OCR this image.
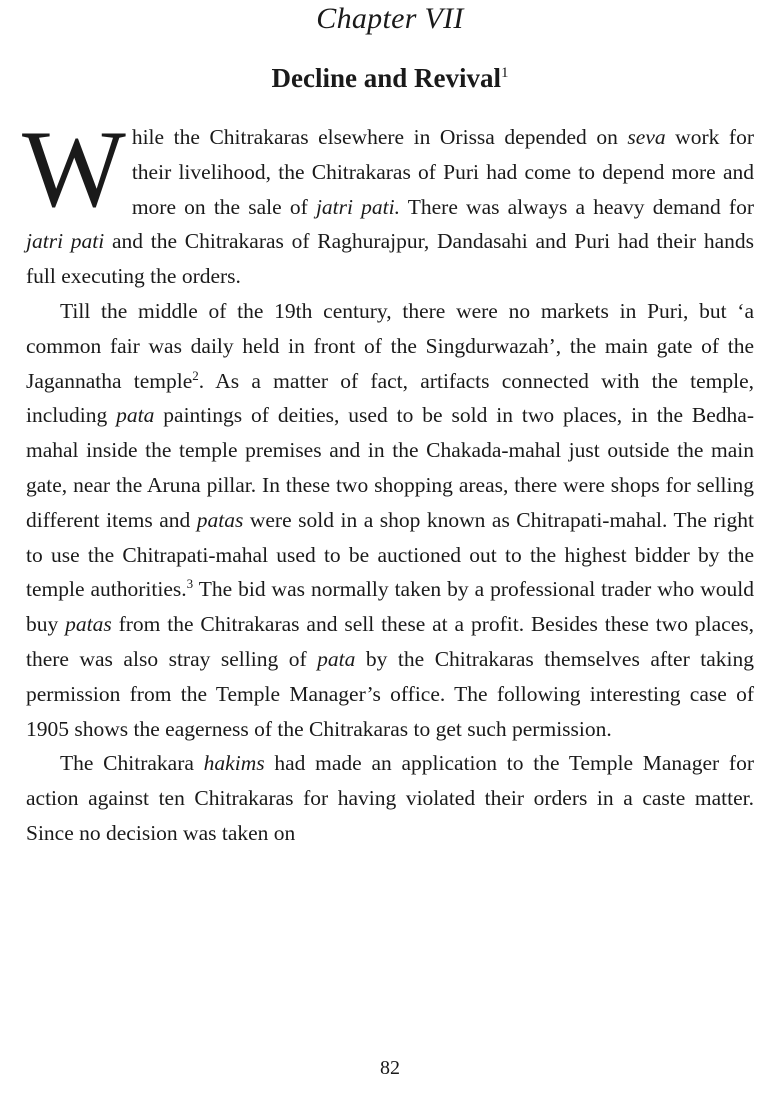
Chapter VII
Decline and Revival$^1$

While the Chitrakaras elsewhere in Orissa depended on seva work for their livelihood, the Chitrakaras of Puri had come to depend more and more on the sale of jatri pati. There was always a heavy demand for jatri pati and the Chitrakaras of Raghurajpur, Dandasahi and Puri had their hands full executing the orders.

Till the middle of the 19th century, there were no markets in Puri, but ‘a common fair was daily held in front of the Singdurwazah’, the main gate of the Jagannatha temple$^2$. As a matter of fact, artifacts connected with the temple, including pata paintings of deities, used to be sold in two places, in the Bedha-mahal inside the temple premises and in the Chakada-mahal just outside the main gate, near the Aruna pillar. In these two shopping areas, there were shops for selling different items and patas were sold in a shop known as Chitrapati-mahal. The right to use the Chitrapati-mahal used to be auctioned out to the highest bidder by the temple authorities.$^3$ The bid was normally taken by a professional trader who would buy patas from the Chitrakaras and sell these at a profit. Besides these two places, there was also stray selling of pata by the Chitrakaras themselves after taking permission from the Temple Manager’s office. The following interesting case of 1905 shows the eagerness of the Chitrakaras to get such permission.

The Chitrakara hakims had made an application to the Temple Manager for action against ten Chitrakaras for having violated their orders in a caste matter. Since no decision was taken on

82
